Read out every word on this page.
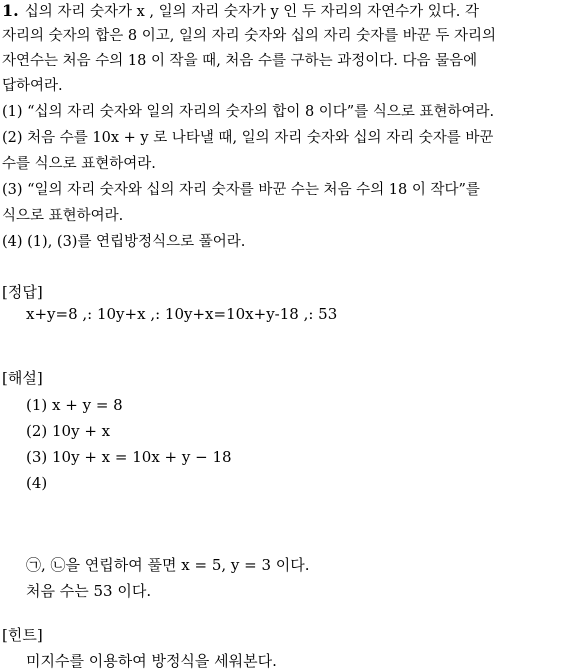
1. 십의 자리 숫자가 x , 일의 자리 숫자가 y 인 두 자리의 자연수가 있다. 각
자리의 숫자의 합은 8 이고, 일의 자리 숫자와 십의 자리 숫자를 바꾼 두 자리의
자연수는 처음 수의 18 이 작을 때, 처음 수를 구하는 과정이다. 다음 물음에
답하여라.
(1) “십의 자리 숫자와 일의 자리의 숫자의 합이 8 이다”를 식으로 표현하여라.
(2) 처음 수를 10x + y 로 나타낼 때, 일의 자리 숫자와 십의 자리 숫자를 바꾼
수를 식으로 표현하여라.
(3) “일의 자리 숫자와 십의 자리 숫자를 바꾼 수는 처음 수의 18 이 작다”를
식으로 표현하여라.
(4) (1), (3)를 연립방정식으로 풀어라.
[정답]
x+y=8 ,: 10y+x ,: 10y+x=10x+y-18 ,: 53
[해설]
(1) x + y = 8
(2) 10y + x
(3) 10y + x = 10x + y − 18
(4)
㉠, ㉡을 연립하여 풀면 x = 5, y = 3 이다.
처음 수는 53 이다.
[힌트]
미지수를 이용하여 방정식을 세워본다.
